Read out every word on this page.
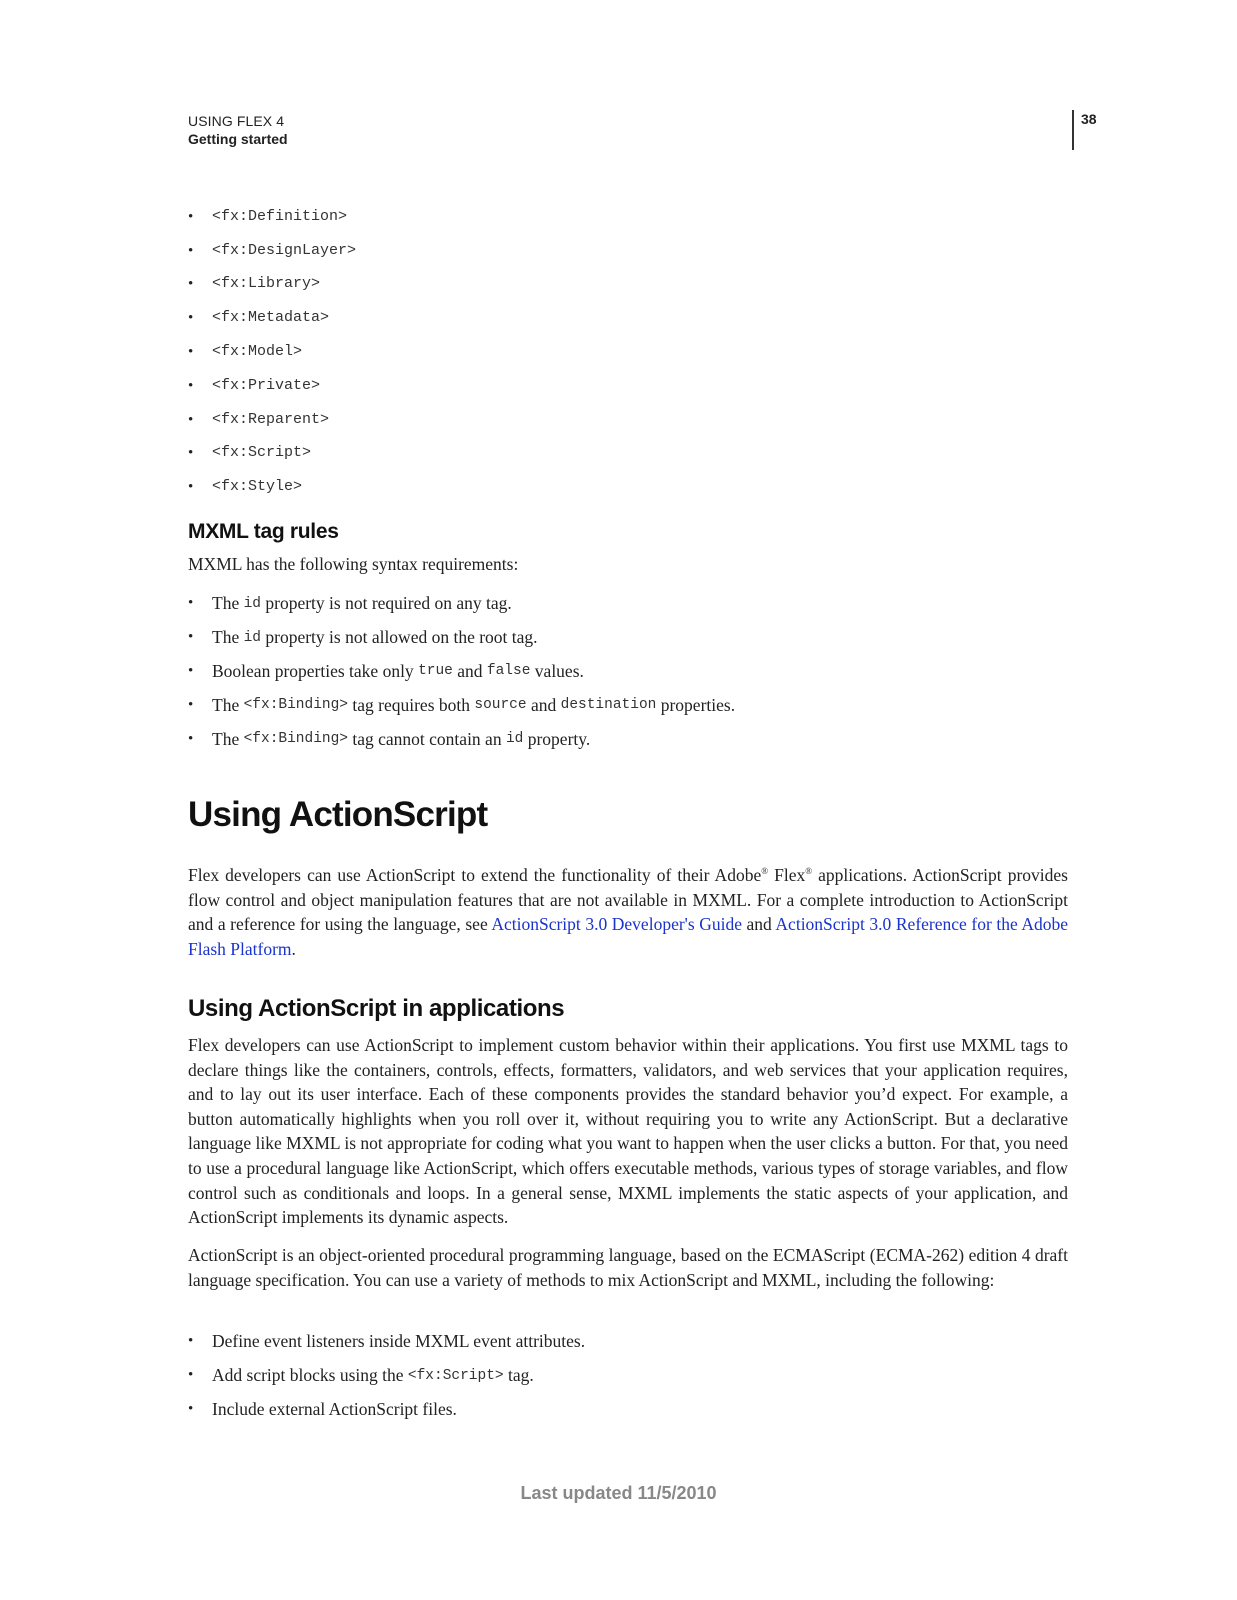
USING FLEX 4
Getting started
38
•	<fx:Definition>
•	<fx:DesignLayer>
•	<fx:Library>
•	<fx:Metadata>
•	<fx:Model>
•	<fx:Private>
•	<fx:Reparent>
•	<fx:Script>
•	<fx:Style>
MXML tag rules

MXML has the following syntax requirements:

•	The id property is not required on any tag.
•	The id property is not allowed on the root tag.
•	Boolean properties take only true and false values.
•	The <fx:Binding> tag requires both source and destination properties.
•	The <fx:Binding> tag cannot contain an id property.
Using ActionScript

Flex developers can use ActionScript to extend the functionality of their Adobe® Flex® applications. ActionScript provides flow control and object manipulation features that are not available in MXML. For a complete introduction to ActionScript and a reference for using the language, see ActionScript 3.0 Developer's Guide and ActionScript 3.0 Reference for the Adobe Flash Platform.

Using ActionScript in applications

Flex developers can use ActionScript to implement custom behavior within their applications. You first use MXML tags to declare things like the containers, controls, effects, formatters, validators, and web services that your application requires, and to lay out its user interface. Each of these components provides the standard behavior you’d expect. For example, a button automatically highlights when you roll over it, without requiring you to write any ActionScript. But a declarative language like MXML is not appropriate for coding what you want to happen when the user clicks a button. For that, you need to use a procedural language like ActionScript, which offers executable methods, various types of storage variables, and flow control such as conditionals and loops. In a general sense, MXML implements the static aspects of your application, and ActionScript implements its dynamic aspects.

ActionScript is an object-oriented procedural programming language, based on the ECMAScript (ECMA-262) edition 4 draft language specification. You can use a variety of methods to mix ActionScript and MXML, including the following:

•	Define event listeners inside MXML event attributes.
•	Add script blocks using the <fx:Script> tag.
•	Include external ActionScript files.
Last updated 11/5/2010
